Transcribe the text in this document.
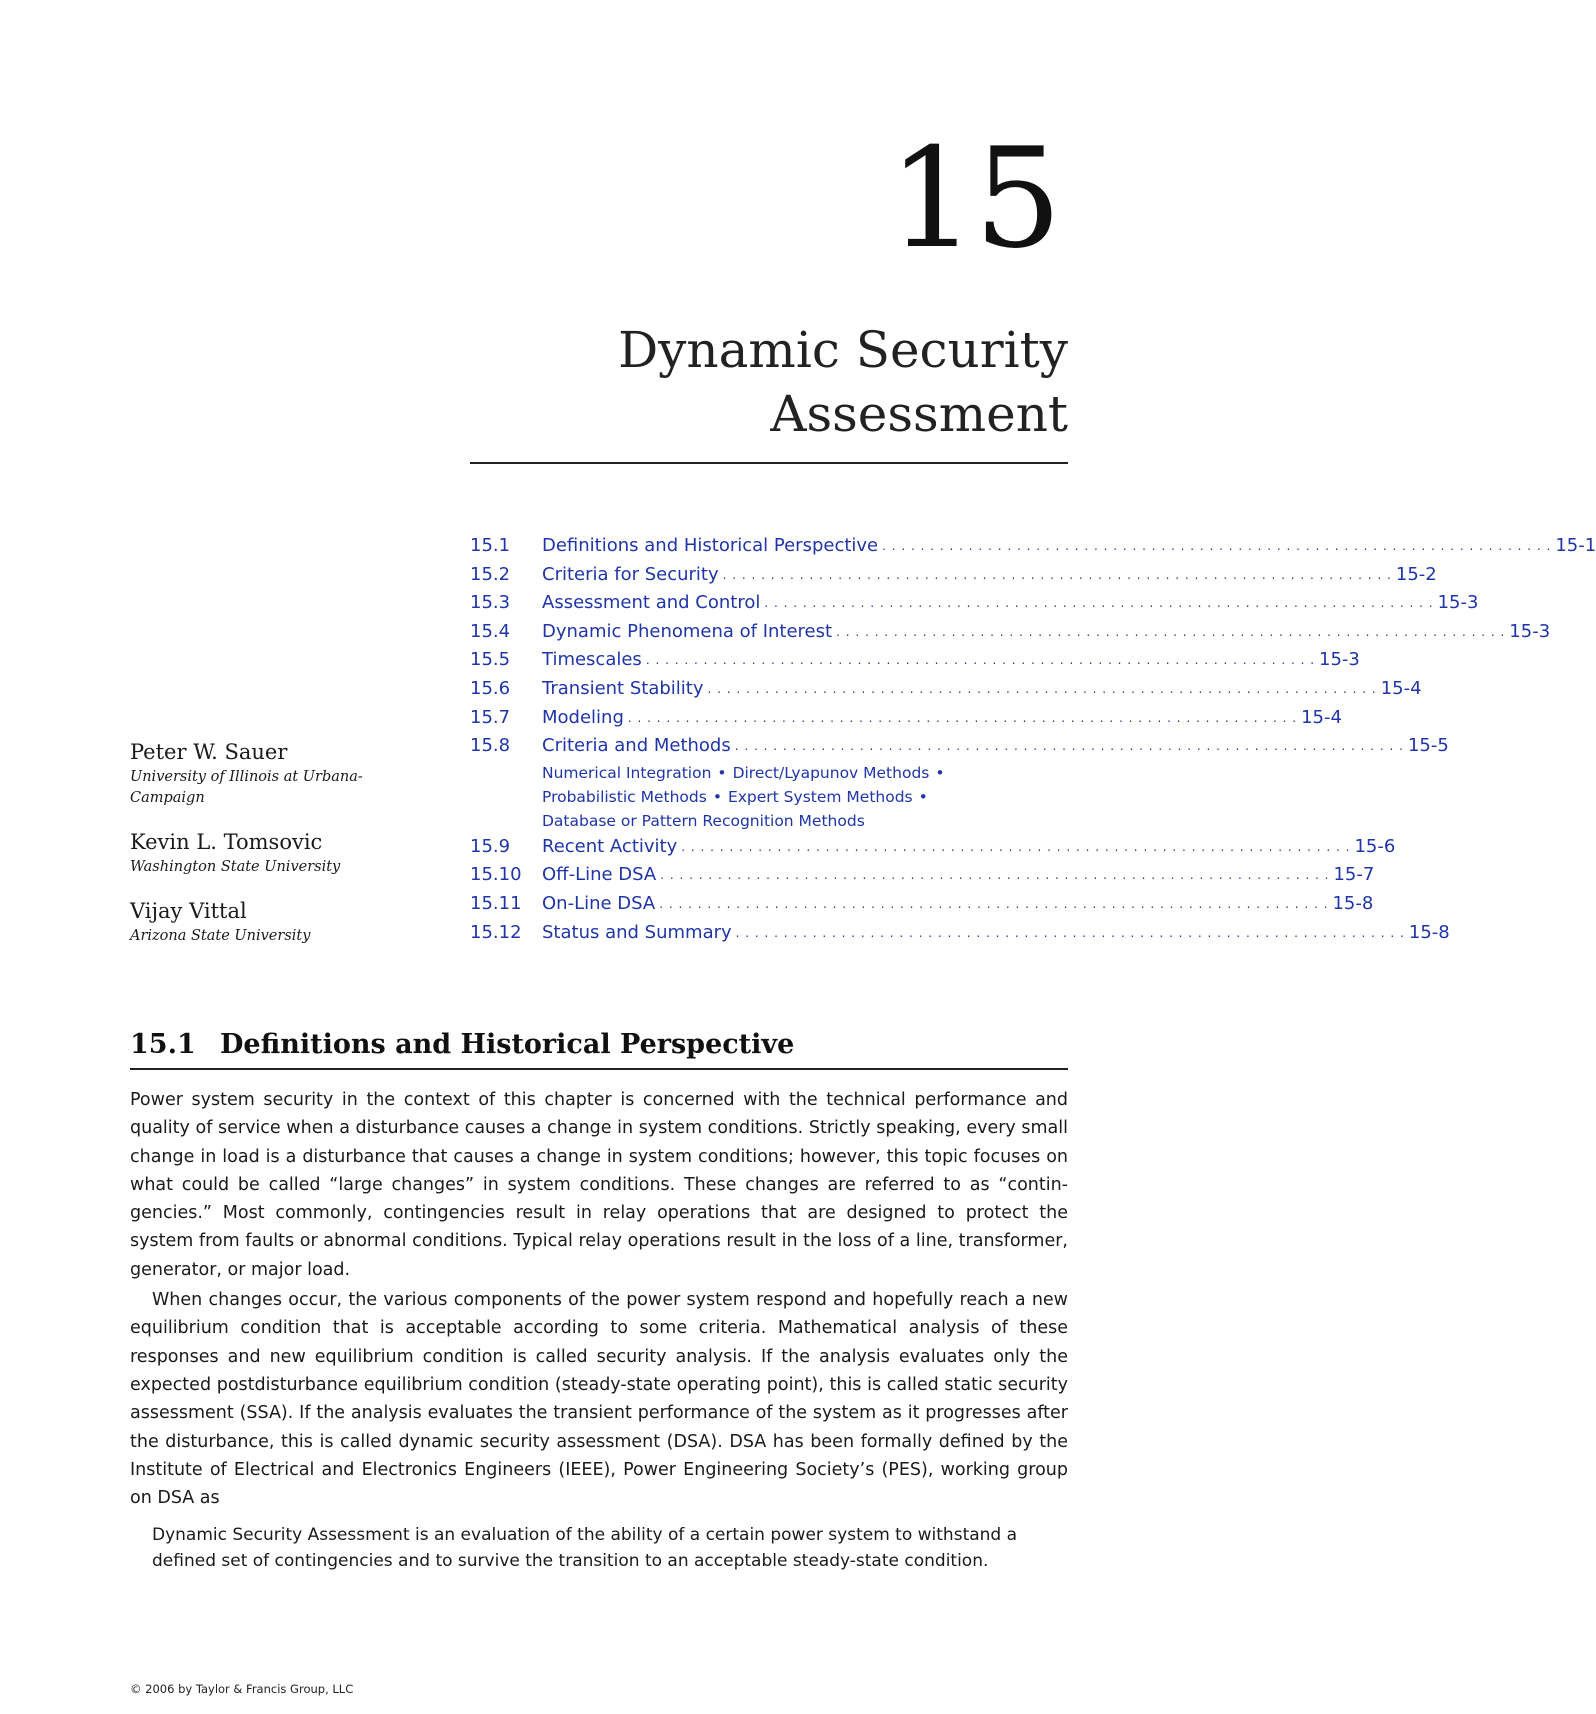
15
Dynamic Security
Assessment
15.1 Definitions and Historical Perspective . . . . . . . . . . . . . . . . . . . . . . . . . . . . . . . . . . . . . . . . . . . . . . . . . . . . . . . . . . . . . . . . . . . . . . 15-1
15.2 Criteria for Security . . . . . . . . . . . . . . . . . . . . . . . . . . . . . . . . . . . . . . . . . . . . . . . . . . . . . . . . . . . . . . . . . . . . . . 15-2
15.3 Assessment and Control . . . . . . . . . . . . . . . . . . . . . . . . . . . . . . . . . . . . . . . . . . . . . . . . . . . . . . . . . . . . . . . . . . . . . . 15-3
15.4 Dynamic Phenomena of Interest . . . . . . . . . . . . . . . . . . . . . . . . . . . . . . . . . . . . . . . . . . . . . . . . . . . . . . . . . . . . . . . . . . . . . . 15-3
15.5 Timescales . . . . . . . . . . . . . . . . . . . . . . . . . . . . . . . . . . . . . . . . . . . . . . . . . . . . . . . . . . . . . . . . . . . . . . 15-3
15.6 Transient Stability . . . . . . . . . . . . . . . . . . . . . . . . . . . . . . . . . . . . . . . . . . . . . . . . . . . . . . . . . . . . . . . . . . . . . . 15-4
15.7 Modeling . . . . . . . . . . . . . . . . . . . . . . . . . . . . . . . . . . . . . . . . . . . . . . . . . . . . . . . . . . . . . . . . . . . . . . 15-4
15.8 Criteria and Methods . . . . . . . . . . . . . . . . . . . . . . . . . . . . . . . . . . . . . . . . . . . . . . . . . . . . . . . . . . . . . . . . . . . . . . 15-5
Numerical Integration • Direct/Lyapunov Methods •
Probabilistic Methods • Expert System Methods •
Database or Pattern Recognition Methods
15.9 Recent Activity . . . . . . . . . . . . . . . . . . . . . . . . . . . . . . . . . . . . . . . . . . . . . . . . . . . . . . . . . . . . . . . . . . . . . . 15-6
15.10 Off-Line DSA . . . . . . . . . . . . . . . . . . . . . . . . . . . . . . . . . . . . . . . . . . . . . . . . . . . . . . . . . . . . . . . . . . . . . . 15-7
15.11 On-Line DSA . . . . . . . . . . . . . . . . . . . . . . . . . . . . . . . . . . . . . . . . . . . . . . . . . . . . . . . . . . . . . . . . . . . . . . 15-8
15.12 Status and Summary . . . . . . . . . . . . . . . . . . . . . . . . . . . . . . . . . . . . . . . . . . . . . . . . . . . . . . . . . . . . . . . . . . . . . . 15-8
Peter W. Sauer
University of Illinois at Urbana-Campaign
Kevin L. Tomsovic
Washington State University
Vijay Vittal
Arizona State University
15.1 Definitions and Historical Perspective

Power system security in the context of this chapter is concerned with the technical performance and quality of service when a disturbance causes a change in system conditions. Strictly speaking, every small change in load is a disturbance that causes a change in system conditions; however, this topic focuses on what could be called “large changes” in system conditions. These changes are referred to as “contin-gencies.” Most commonly, contingencies result in relay operations that are designed to protect the system from faults or abnormal conditions. Typical relay operations result in the loss of a line, transformer, generator, or major load.

When changes occur, the various components of the power system respond and hopefully reach a new equilibrium condition that is acceptable according to some criteria. Mathematical analysis of these responses and new equilibrium condition is called security analysis. If the analysis evaluates only the expected postdisturbance equilibrium condition (steady-state operating point), this is called static security assessment (SSA). If the analysis evaluates the transient performance of the system as it progresses after the disturbance, this is called dynamic security assessment (DSA). DSA has been formally defined by the Institute of Electrical and Electronics Engineers (IEEE), Power Engineering Society’s (PES), working group on DSA as

Dynamic Security Assessment is an evaluation of the ability of a certain power system to withstand a defined set of contingencies and to survive the transition to an acceptable steady-state condition.
© 2006 by Taylor & Francis Group, LLC
